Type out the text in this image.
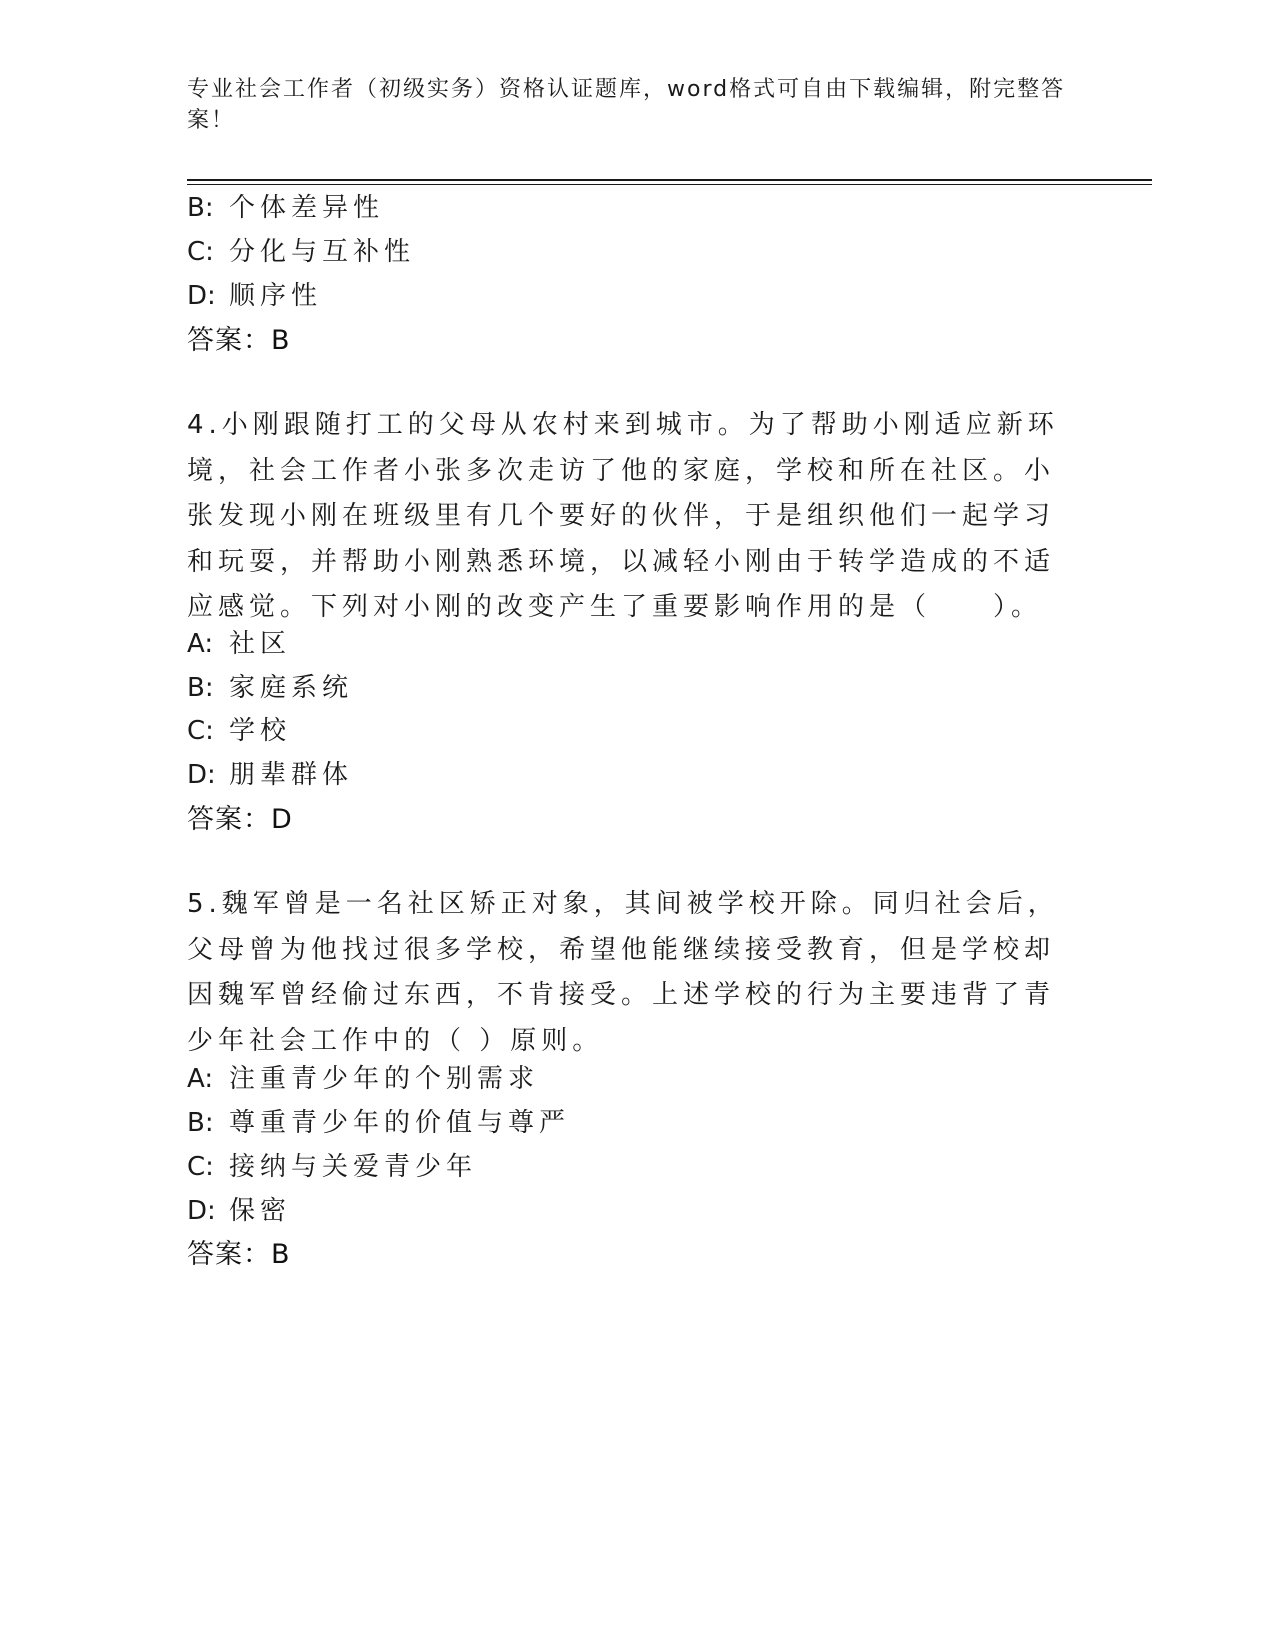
专业社会工作者（初级实务）资格认证题库，word格式可自由下载编辑，附完整答案！
B: 个体差异性
C: 分化与互补性
D: 顺序性
答案：B
4.小刚跟随打工的父母从农村来到城市。为了帮助小刚适应新环境，社会工作者小张多次走访了他的家庭，学校和所在社区。小张发现小刚在班级里有几个要好的伙伴，于是组织他们一起学习和玩耍，并帮助小刚熟悉环境，以减轻小刚由于转学造成的不适应感觉。下列对小刚的改变产生了重要影响作用的是（　　）。
A: 社区
B: 家庭系统
C: 学校
D: 朋辈群体
答案：D
5.魏军曾是一名社区矫正对象，其间被学校开除。同归社会后，父母曾为他找过很多学校，希望他能继续接受教育，但是学校却因魏军曾经偷过东西，不肯接受。上述学校的行为主要违背了青少年社会工作中的（ ）原则。
A: 注重青少年的个别需求
B: 尊重青少年的价值与尊严
C: 接纳与关爱青少年
D: 保密
答案：B
